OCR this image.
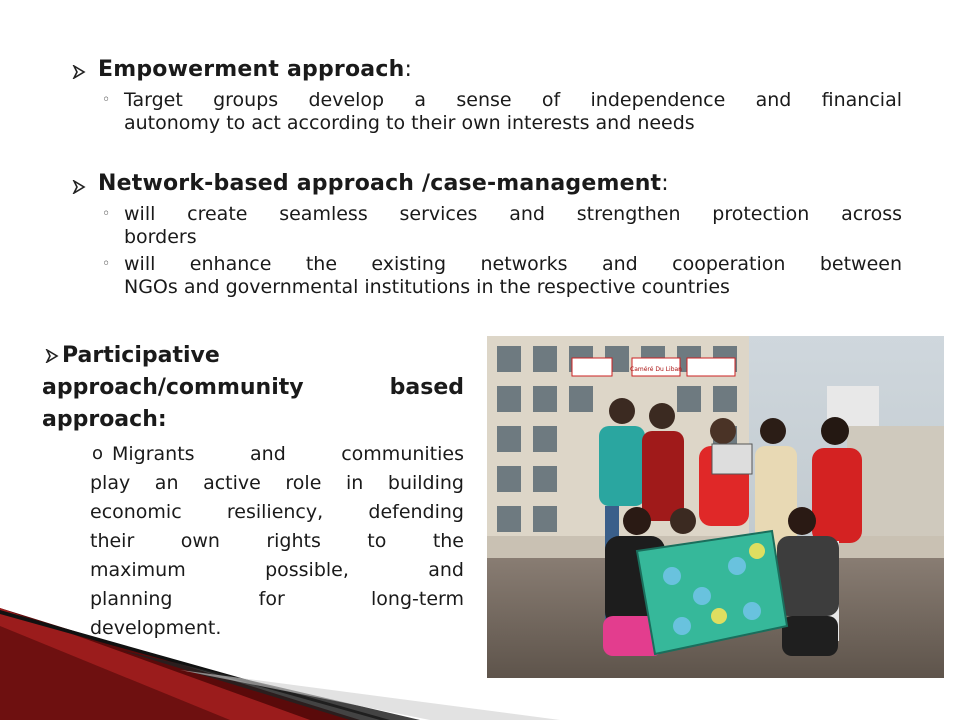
Empowerment approach:
◦ Target groups develop a sense of independence and financial
autonomy to act according to their own interests and needs
Network-based approach /case-management:
◦ will create seamless services and strengthen protection across
borders
◦ will enhance the existing networks and cooperation between
NGOs and governmental institutions in the respective countries
Participative
approach/community based
approach:
o Migrants and communities
play an active role in building
economic resiliency, defending
their own rights to the
maximum possible, and
planning for long-term
development.
Caméré Du Liban
